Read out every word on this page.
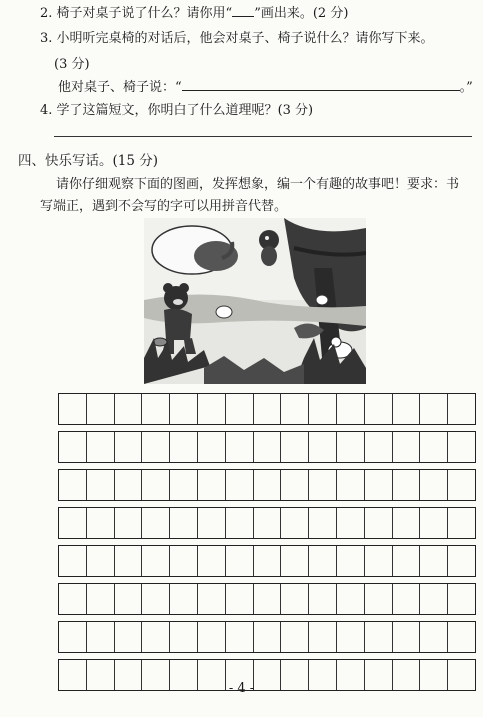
2. 椅子对桌子说了什么？请你用“ ”画出来。(2 分)
3. 小明听完桌椅的对话后，他会对桌子、椅子说什么？请你写下来。
(3 分)
他对桌子、椅子说：“	。”
4. 学了这篇短文，你明白了什么道理呢？(3 分)
四、快乐写话。(15 分)
请你仔细观察下面的图画，发挥想象，编一个有趣的故事吧！要求：书
写端正，遇到不会写的字可以用拼音代替。
- 4 -
